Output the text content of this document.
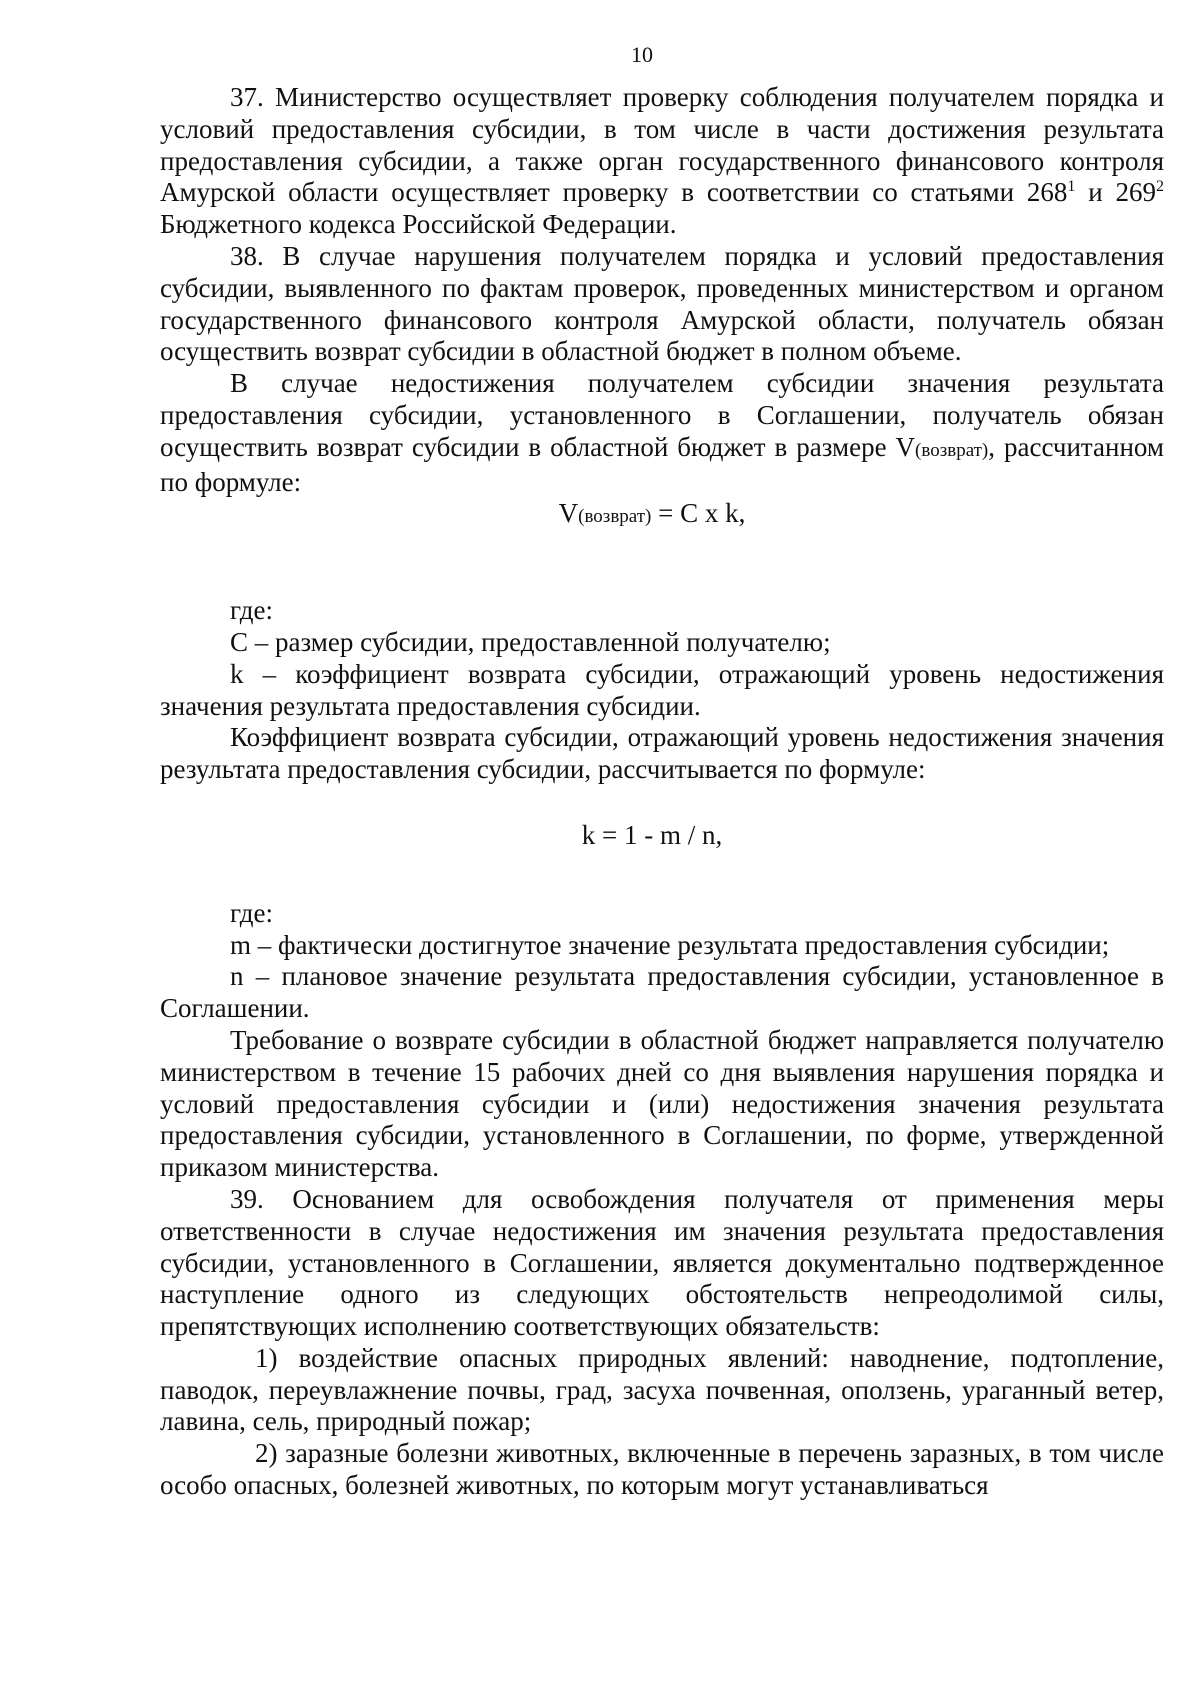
10

37. Министерство осуществляет проверку соблюдения получателем порядка и условий предоставления субсидии, в том числе в части достижения результата предоставления субсидии, а также орган государственного финансового контроля Амурской области осуществляет проверку в соответствии со статьями $268^1$ и $269^2$ Бюджетного кодекса Российской Федерации.

38. В случае нарушения получателем порядка и условий предоставления субсидии, выявленного по фактам проверок, проведенных министерством и органом государственного финансового контроля Амурской области, получатель обязан осуществить возврат субсидии в областной бюджет в полном объеме.

В случае недостижения получателем субсидии значения результата предоставления субсидии, установленного в Соглашении, получатель обязан осуществить возврат субсидии в областной бюджет в размере V(возврат), рассчитанном по формуле:

V(возврат) = C x k,

где:

С – размер субсидии, предоставленной получателю;

k – коэффициент возврата субсидии, отражающий уровень недостижения значения результата предоставления субсидии.

Коэффициент возврата субсидии, отражающий уровень недостижения значения результата предоставления субсидии, рассчитывается по формуле:

k = 1 - m / n,

где:

m – фактически достигнутое значение результата предоставления субсидии;

n – плановое значение результата предоставления субсидии, установленное в Соглашении.

Требование о возврате субсидии в областной бюджет направляется получателю министерством в течение 15 рабочих дней со дня выявления нарушения порядка и условий предоставления субсидии и (или) недостижения значения результата предоставления субсидии, установленного в Соглашении, по форме, утвержденной приказом министерства.

39. Основанием для освобождения получателя от применения меры ответственности в случае недостижения им значения результата предоставления субсидии, установленного в Соглашении, является документально подтвержденное наступление одного из следующих обстоятельств непреодолимой силы, препятствующих исполнению соответствующих обязательств:

1) воздействие опасных природных явлений: наводнение, подтопление, паводок, переувлажнение почвы, град, засуха почвенная, оползень, ураганный ветер, лавина, сель, природный пожар;

2) заразные болезни животных, включенные в перечень заразных, в том числе особо опасных, болезней животных, по которым могут устанавливаться
